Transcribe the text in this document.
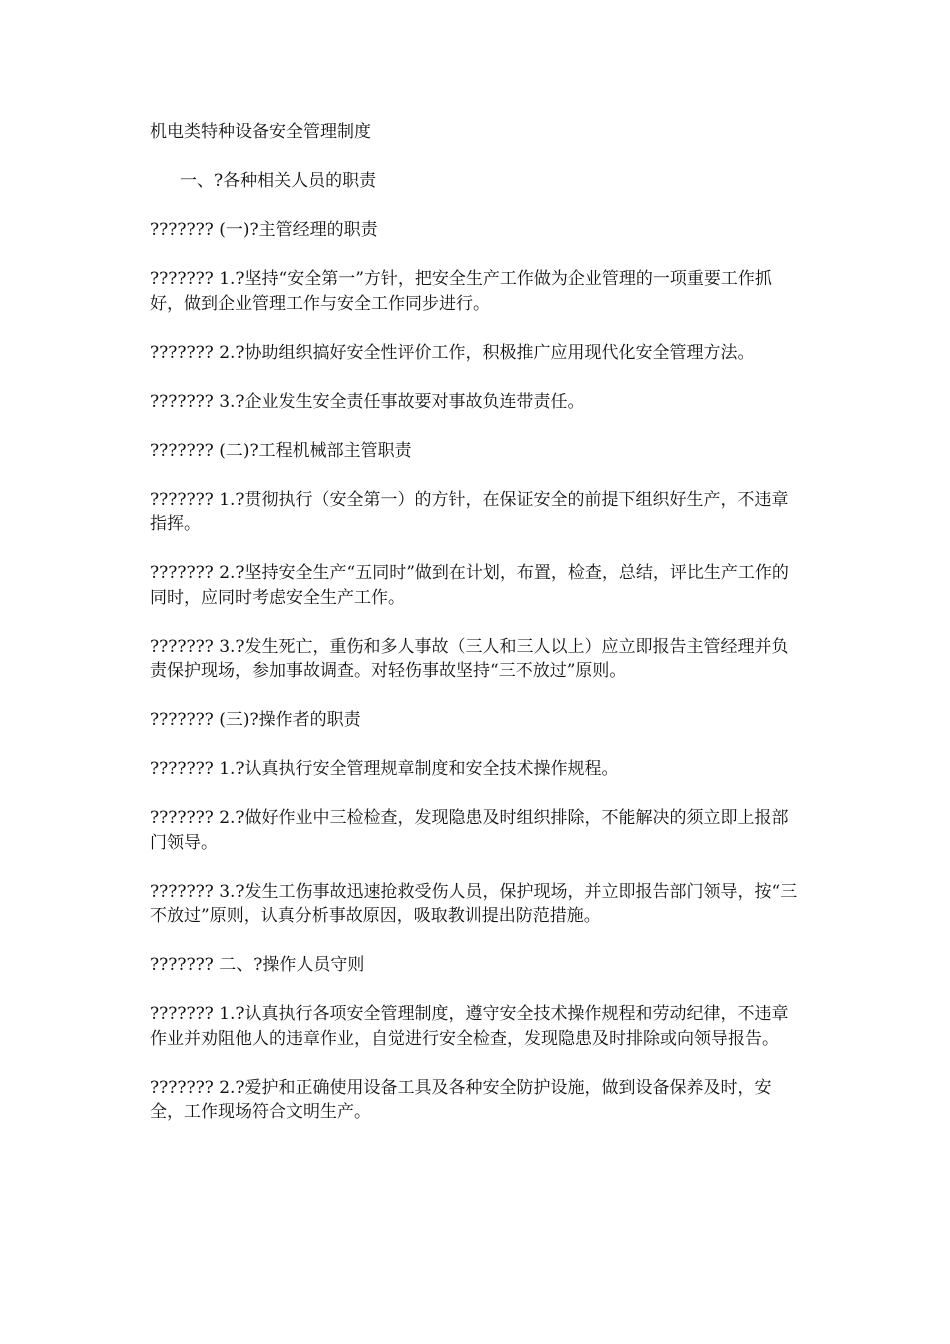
机电类特种设备安全管理制度

一、?各种相关人员的职责

??????? (一)?主管经理的职责

??????? 1.?坚持“安全第一”方针，把安全生产工作做为企业管理的一项重要工作抓好，做到企业管理工作与安全工作同步进行。

??????? 2.?协助组织搞好安全性评价工作，积极推广应用现代化安全管理方法。

??????? 3.?企业发生安全责任事故要对事故负连带责任。

??????? (二)?工程机械部主管职责

??????? 1.?贯彻执行（安全第一）的方针，在保证安全的前提下组织好生产，不违章指挥。

??????? 2.?坚持安全生产“五同时”做到在计划，布置，检查，总结，评比生产工作的同时，应同时考虑安全生产工作。

??????? 3.?发生死亡，重伤和多人事故（三人和三人以上）应立即报告主管经理并负责保护现场，参加事故调查。对轻伤事故坚持“三不放过”原则。

??????? (三)?操作者的职责

??????? 1.?认真执行安全管理规章制度和安全技术操作规程。

??????? 2.?做好作业中三检检查，发现隐患及时组织排除，不能解决的须立即上报部门领导。

??????? 3.?发生工伤事故迅速抢救受伤人员，保护现场，并立即报告部门领导，按“三不放过”原则，认真分析事故原因，吸取教训提出防范措施。

??????? 二、?操作人员守则

??????? 1.?认真执行各项安全管理制度，遵守安全技术操作规程和劳动纪律，不违章作业并劝阻他人的违章作业，自觉进行安全检查，发现隐患及时排除或向领导报告。

??????? 2.?爱护和正确使用设备工具及各种安全防护设施，做到设备保养及时，安全，工作现场符合文明生产。
